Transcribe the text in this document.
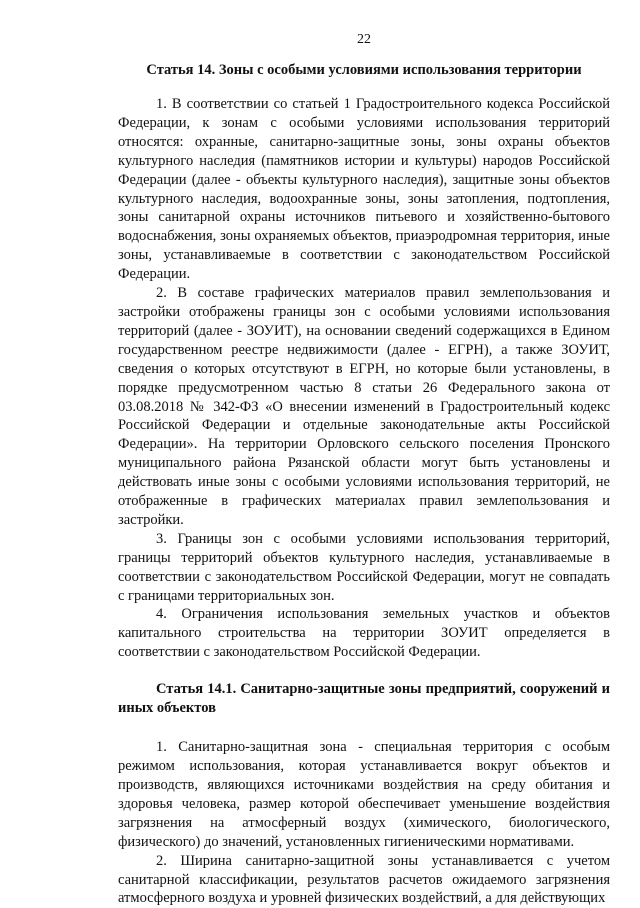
22
Статья 14. Зоны с особыми условиями использования территории

1. В соответствии со статьей 1 Градостроительного кодекса Российской Федерации, к зонам с особыми условиями использования территорий относятся: охранные, санитарно-защитные зоны, зоны охраны объектов культурного наследия (памятников истории и культуры) народов Российской Федерации (далее - объекты культурного наследия), защитные зоны объектов культурного наследия, водоохранные зоны, зоны затопления, подтопления, зоны санитарной охраны источников питьевого и хозяйственно-бытового водоснабжения, зоны охраняемых объектов, приаэродромная территория, иные зоны, устанавливаемые в соответствии с законодательством Российской Федерации.

2. В составе графических материалов правил землепользования и застройки отображены границы зон с особыми условиями использования территорий (далее - ЗОУИТ), на основании сведений содержащихся в Едином государственном реестре недвижимости (далее - ЕГРН), а также ЗОУИТ, сведения о которых отсутствуют в ЕГРН, но которые были установлены, в порядке предусмотренном частью 8 статьи 26 Федерального закона от 03.08.2018 № 342-ФЗ «О внесении изменений в Градостроительный кодекс Российской Федерации и отдельные законодательные акты Российской Федерации». На территории Орловского сельского поселения Пронского муниципального района Рязанской области могут быть установлены и действовать иные зоны с особыми условиями использования территорий, не отображенные в графических материалах правил землепользования и застройки.

3. Границы зон с особыми условиями использования территорий, границы территорий объектов культурного наследия, устанавливаемые в соответствии с законодательством Российской Федерации, могут не совпадать с границами территориальных зон.

4. Ограничения использования земельных участков и объектов капитального строительства на территории ЗОУИТ определяется в соответствии с законодательством Российской Федерации.

Статья 14.1. Санитарно-защитные зоны предприятий, сооружений и иных объектов

1. Санитарно-защитная зона - специальная территория с особым режимом использования, которая устанавливается вокруг объектов и производств, являющихся источниками воздействия на среду обитания и здоровья человека, размер которой обеспечивает уменьшение воздействия загрязнения на атмосферный воздух (химического, биологического, физического) до значений, установленных гигиеническими нормативами.

2. Ширина санитарно-защитной зоны устанавливается с учетом санитарной классификации, результатов расчетов ожидаемого загрязнения атмосферного воздуха и уровней физических воздействий, а для действующих
